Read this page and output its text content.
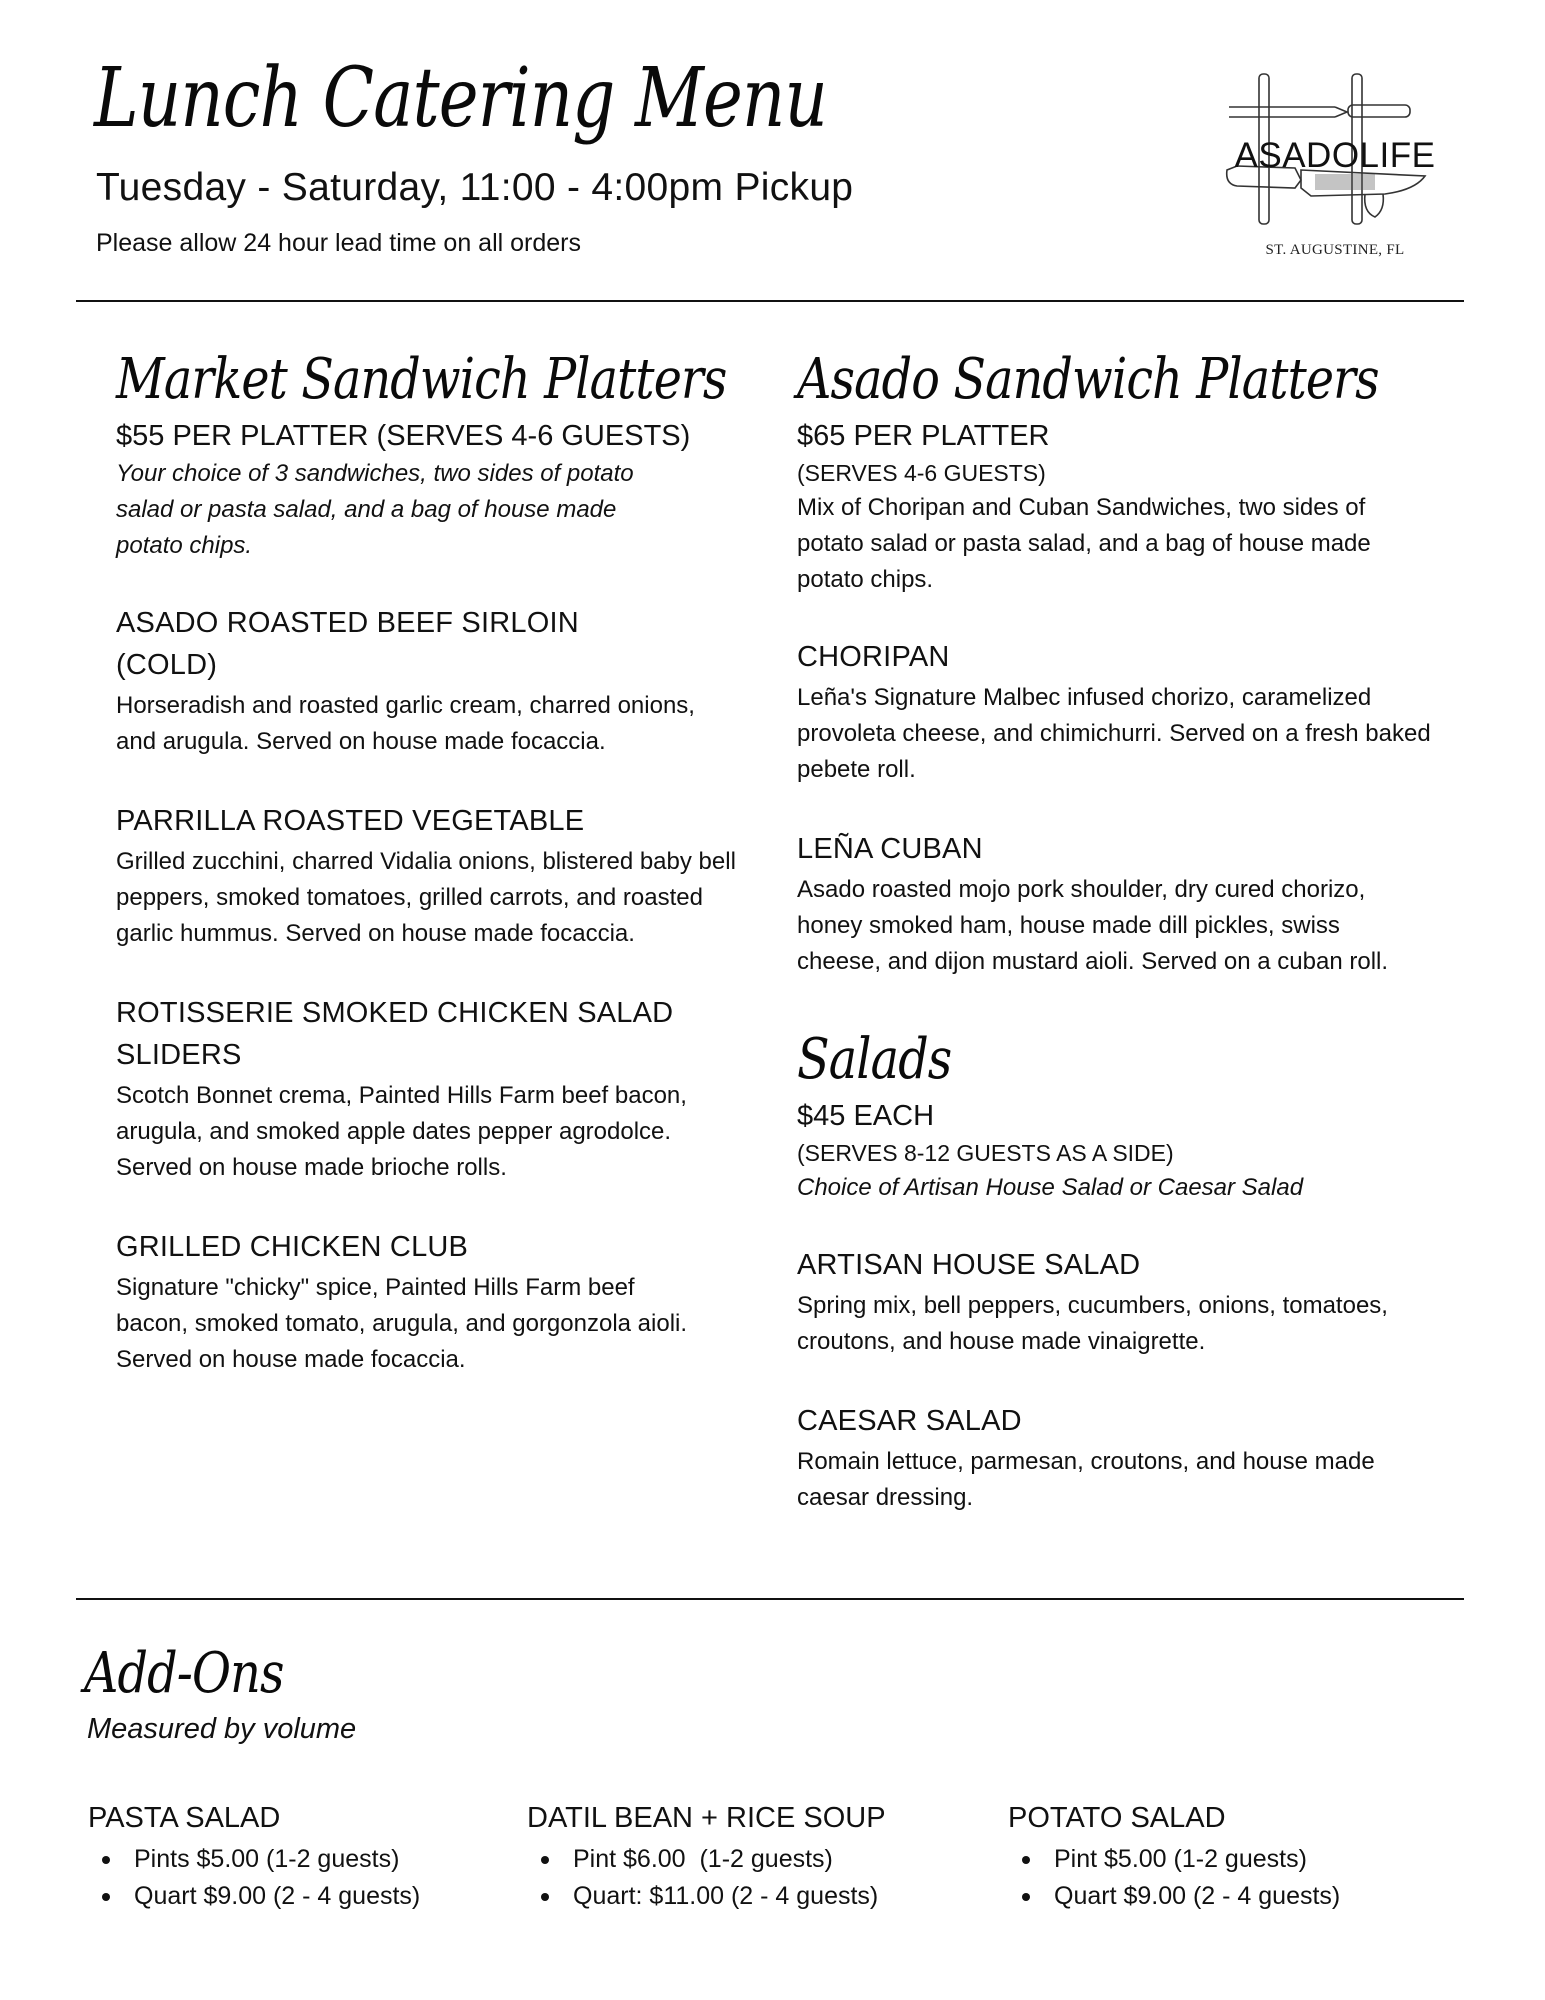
Lunch Catering Menu
Tuesday - Saturday, 11:00 - 4:00pm Pickup
Please allow 24 hour lead time on all orders
ASADOLIFE
ST. AUGUSTINE, FL
Market Sandwich Platters
$55 PER PLATTER (SERVES 4-6 GUESTS)

Your choice of 3 sandwiches, two sides of potato salad or pasta salad, and a bag of house made potato chips.

ASADO ROASTED BEEF SIRLOIN (COLD)

Horseradish and roasted garlic cream, charred onions, and arugula. Served on house made focaccia.

PARRILLA ROASTED VEGETABLE

Grilled zucchini, charred Vidalia onions, blistered baby bell peppers, smoked tomatoes, grilled carrots, and roasted garlic hummus. Served on house made focaccia.

ROTISSERIE SMOKED CHICKEN SALAD SLIDERS

Scotch Bonnet crema, Painted Hills Farm beef bacon, arugula, and smoked apple dates pepper agrodolce. Served on house made brioche rolls.

GRILLED CHICKEN CLUB

Signature "chicky" spice, Painted Hills Farm beef bacon, smoked tomato, arugula, and gorgonzola aioli. Served on house made focaccia.

Asado Sandwich Platters
$65 PER PLATTER
(SERVES 4-6 GUESTS)

Mix of Choripan and Cuban Sandwiches, two sides of potato salad or pasta salad, and a bag of house made potato chips.

CHORIPAN

Leña's Signature Malbec infused chorizo, caramelized provoleta cheese, and chimichurri. Served on a fresh baked pebete roll.

LEÑA CUBAN

Asado roasted mojo pork shoulder, dry cured chorizo, honey smoked ham, house made dill pickles, swiss cheese, and dijon mustard aioli. Served on a cuban roll.

Salads
$45 EACH
(SERVES 8-12 GUESTS AS A SIDE)

Choice of Artisan House Salad or Caesar Salad

ARTISAN HOUSE SALAD

Spring mix, bell peppers, cucumbers, onions, tomatoes, croutons, and house made vinaigrette.

CAESAR SALAD

Romain lettuce, parmesan, croutons, and house made caesar dressing.

Add-Ons
Measured by volume
PASTA SALAD
Pints $5.00 (1-2 guests)
Quart $9.00 (2 - 4 guests)
DATIL BEAN + RICE SOUP
Pint $6.00  (1-2 guests)
Quart: $11.00 (2 - 4 guests)
POTATO SALAD
Pint $5.00 (1-2 guests)
Quart $9.00 (2 - 4 guests)
